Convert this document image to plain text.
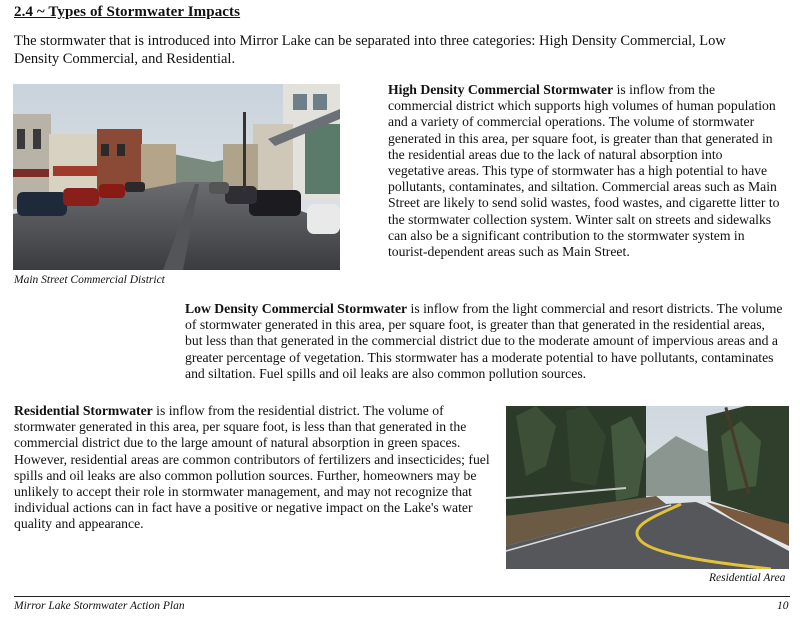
2.4 ~ Types of Stormwater Impacts
The stormwater that is introduced into Mirror Lake can be separated into three categories: High Density Commercial, Low Density Commercial, and Residential.
Main Street Commercial District
High Density Commercial Stormwater is inflow from the commercial district which supports high volumes of human population and a variety of commercial operations. The volume of stormwater generated in this area, per square foot, is greater than that generated in the residential areas due to the lack of natural absorption into vegetative areas. This type of stormwater has a high potential to have pollutants, contaminates, and siltation. Commercial areas such as Main Street are likely to send solid wastes, food wastes, and cigarette litter to the stormwater collection system. Winter salt on streets and sidewalks can also be a significant contribution to the stormwater system in tourist-dependent areas such as Main Street.
Low Density Commercial Stormwater is inflow from the light commercial and resort districts. The volume of stormwater generated in this area, per square foot, is greater than that generated in the residential areas, but less than that generated in the commercial district due to the moderate amount of impervious areas and a greater percentage of vegetation. This stormwater has a moderate potential to have pollutants, contaminates and siltation. Fuel spills and oil leaks are also common pollution sources.
Residential Stormwater is inflow from the residential district. The volume of stormwater generated in this area, per square foot, is less than that generated in the commercial district due to the large amount of natural absorption in green spaces. However, residential areas are common contributors of fertilizers and insecticides; fuel spills and oil leaks are also common pollution sources. Further, homeowners may be unlikely to accept their role in stormwater management, and may not recognize that individual actions can in fact have a positive or negative impact on the Lake's water quality and appearance.
Residential Area
Mirror Lake Stormwater Action Plan	10
